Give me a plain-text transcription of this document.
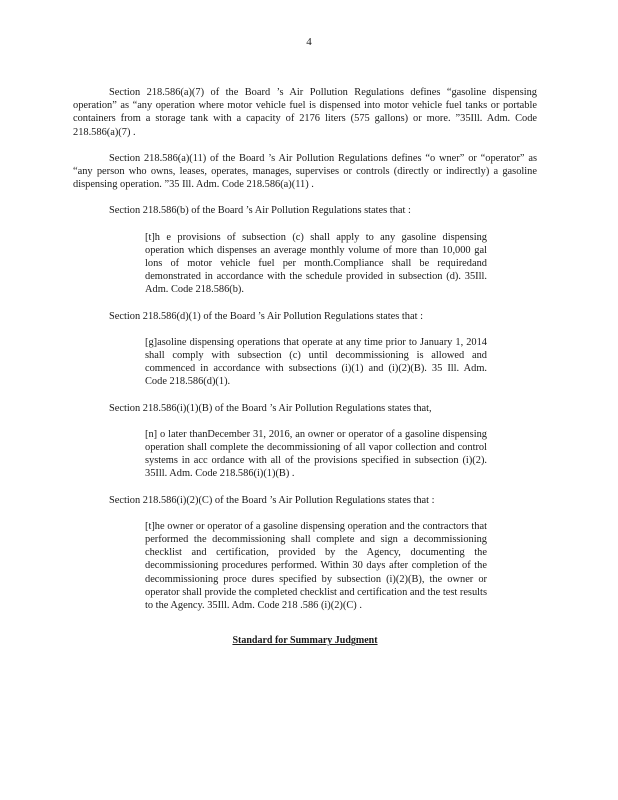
4

Section 218.586(a)(7) of the Board ’s Air Pollution Regulations defines “gasoline dispensing operation” as “any operation where motor vehicle fuel is dispensed into motor vehicle fuel tanks or portable containers from a storage tank with a capacity of 2176 liters (575 gallons) or more. ”35Ill. Adm. Code 218.586(a)(7) .

Section 218.586(a)(11) of the Board ’s Air Pollution Regulations defines “o wner” or “operator” as “any person who owns, leases, operates, manages, supervises or controls (directly or indirectly) a gasoline dispensing operation. ”35 Ill. Adm. Code 218.586(a)(11) .

Section 218.586(b) of the Board ’s Air Pollution Regulations states that :

[t]h e provisions of subsection (c) shall apply to any gasoline dispensing operation which dispenses an average monthly volume of more than 10,000 gal lons of motor vehicle fuel per month.Compliance shall be requiredand demonstrated in accordance with the schedule provided in subsection (d). 35Ill. Adm. Code 218.586(b).

Section 218.586(d)(1) of the Board ’s Air Pollution Regulations states that :

[g]asoline dispensing operations that operate at any time prior to January 1, 2014 shall comply with subsection (c) until decommissioning is allowed and commenced in accordance with subsections (i)(1) and (i)(2)(B). 35 Ill. Adm. Code 218.586(d)(1).

Section 218.586(i)(1)(B) of the Board ’s Air Pollution Regulations states that,

[n] o later thanDecember 31, 2016, an owner or operator of a gasoline dispensing operation shall complete the decommissioning of all vapor collection and control systems in acc ordance with all of the provisions specified in subsection (i)(2). 35Ill. Adm. Code 218.586(i)(1)(B) .

Section 218.586(i)(2)(C) of the Board ’s Air Pollution Regulations states that :

[t]he owner or operator of a gasoline dispensing operation and the contractors that performed the decommissioning shall complete and sign a decommissioning checklist and certification, provided by the Agency, documenting the decommissioning procedures performed. Within 30 days after completion of the decommissioning proce dures specified by subsection (i)(2)(B), the owner or operator shall provide the completed checklist and certification and the test results to the Agency. 35Ill. Adm. Code 218 .586 (i)(2)(C) .

Standard for Summary Judgment
